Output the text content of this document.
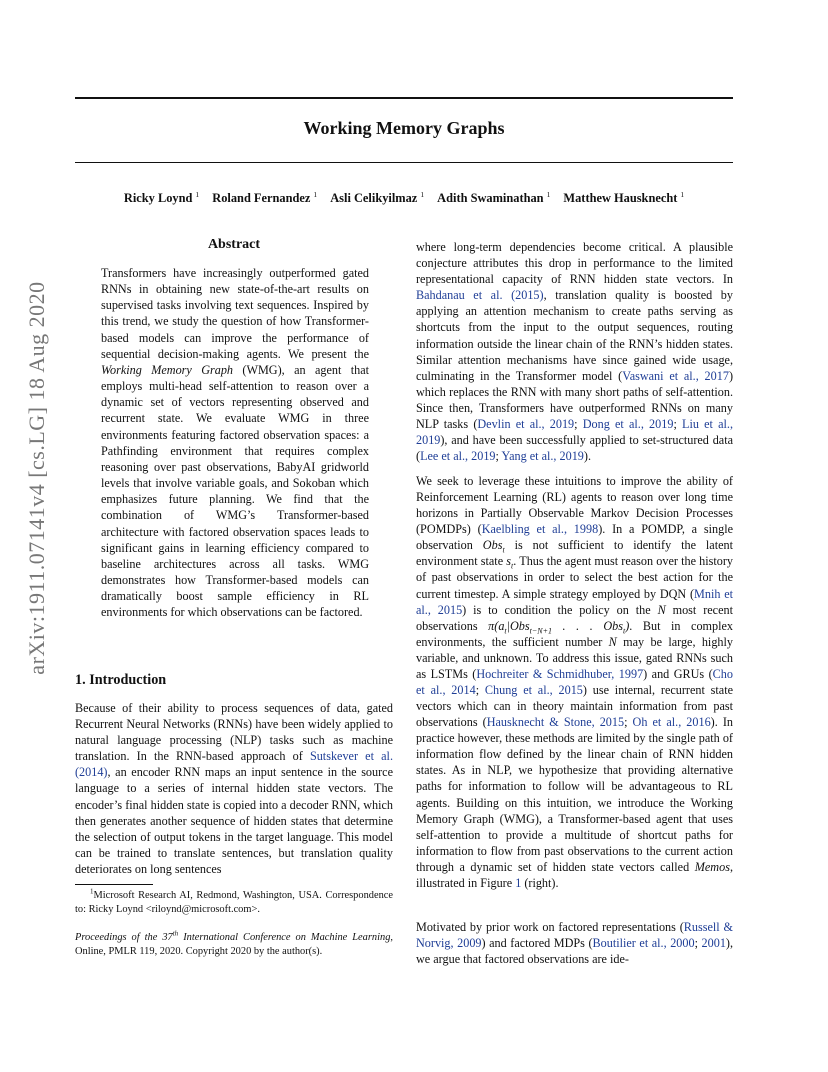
Working Memory Graphs
Ricky Loynd $^1$ Roland Fernandez $^1$ Asli Celikyilmaz $^1$ Adith Swaminathan $^1$ Matthew Hausknecht $^1$
arXiv:1911.07141v4 [cs.LG] 18 Aug 2020
Abstract

Transformers have increasingly outperformed gated RNNs in obtaining new state-of-the-art results on supervised tasks involving text sequences. Inspired by this trend, we study the question of how Transformer-based models can improve the performance of sequential decision-making agents. We present the Working Memory Graph (WMG), an agent that employs multi-head self-attention to reason over a dynamic set of vectors representing observed and recurrent state. We evaluate WMG in three environments featuring factored observation spaces: a Pathfinding environment that requires complex reasoning over past observations, BabyAI gridworld levels that involve variable goals, and Sokoban which emphasizes future planning. We find that the combination of WMG’s Transformer-based architecture with factored observation spaces leads to significant gains in learning efficiency compared to baseline architectures across all tasks. WMG demonstrates how Transformer-based models can dramatically boost sample efficiency in RL environments for which observations can be factored.

1. Introduction

Because of their ability to process sequences of data, gated Recurrent Neural Networks (RNNs) have been widely applied to natural language processing (NLP) tasks such as machine translation. In the RNN-based approach of Sutskever et al. (2014), an encoder RNN maps an input sentence in the source language to a series of internal hidden state vectors. The encoder’s final hidden state is copied into a decoder RNN, which then generates another sequence of hidden states that determine the selection of output tokens in the target language. This model can be trained to translate sentences, but translation quality deteriorates on long sentences

$^1$Microsoft Research AI, Redmond, Washington, USA. Correspondence to: Ricky Loynd <riloynd@microsoft.com>.

Proceedings of the 37th International Conference on Machine Learning, Online, PMLR 119, 2020. Copyright 2020 by the author(s).

where long-term dependencies become critical. A plausible conjecture attributes this drop in performance to the limited representational capacity of RNN hidden state vectors. In Bahdanau et al. (2015), translation quality is boosted by applying an attention mechanism to create paths serving as shortcuts from the input to the output sequences, routing information outside the linear chain of the RNN’s hidden states. Similar attention mechanisms have since gained wide usage, culminating in the Transformer model (Vaswani et al., 2017) which replaces the RNN with many short paths of self-attention. Since then, Transformers have outperformed RNNs on many NLP tasks (Devlin et al., 2019; Dong et al., 2019; Liu et al., 2019), and have been successfully applied to set-structured data (Lee et al., 2019; Yang et al., 2019).

We seek to leverage these intuitions to improve the ability of Reinforcement Learning (RL) agents to reason over long time horizons in Partially Observable Markov Decision Processes (POMDPs) (Kaelbling et al., 1998). In a POMDP, a single observation Obs$_t$ is not sufficient to identify the latent environment state $s_t$. Thus the agent must reason over the history of past observations in order to select the best action for the current timestep. A simple strategy employed by DQN (Mnih et al., 2015) is to condition the policy on the N most recent observations $\pi(a_t|Obs_{t-N+1}$ . . . Obs$_t$). But in complex environments, the sufficient number N may be large, highly variable, and unknown. To address this issue, gated RNNs such as LSTMs (Hochreiter & Schmidhuber, 1997) and GRUs (Cho et al., 2014; Chung et al., 2015) use internal, recurrent state vectors which can in theory maintain information from past observations (Hausknecht & Stone, 2015; Oh et al., 2016). In practice however, these methods are limited by the single path of information flow defined by the linear chain of RNN hidden states. As in NLP, we hypothesize that providing alternative paths for information to follow will be advantageous to RL agents. Building on this intuition, we introduce the Working Memory Graph (WMG), a Transformer-based agent that uses self-attention to provide a multitude of shortcut paths for information to flow from past observations to the current action through a dynamic set of hidden state vectors called Memos, illustrated in Figure 1 (right).

Motivated by prior work on factored representations (Russell & Norvig, 2009) and factored MDPs (Boutilier et al., 2000; 2001), we argue that factored observations are ide-
